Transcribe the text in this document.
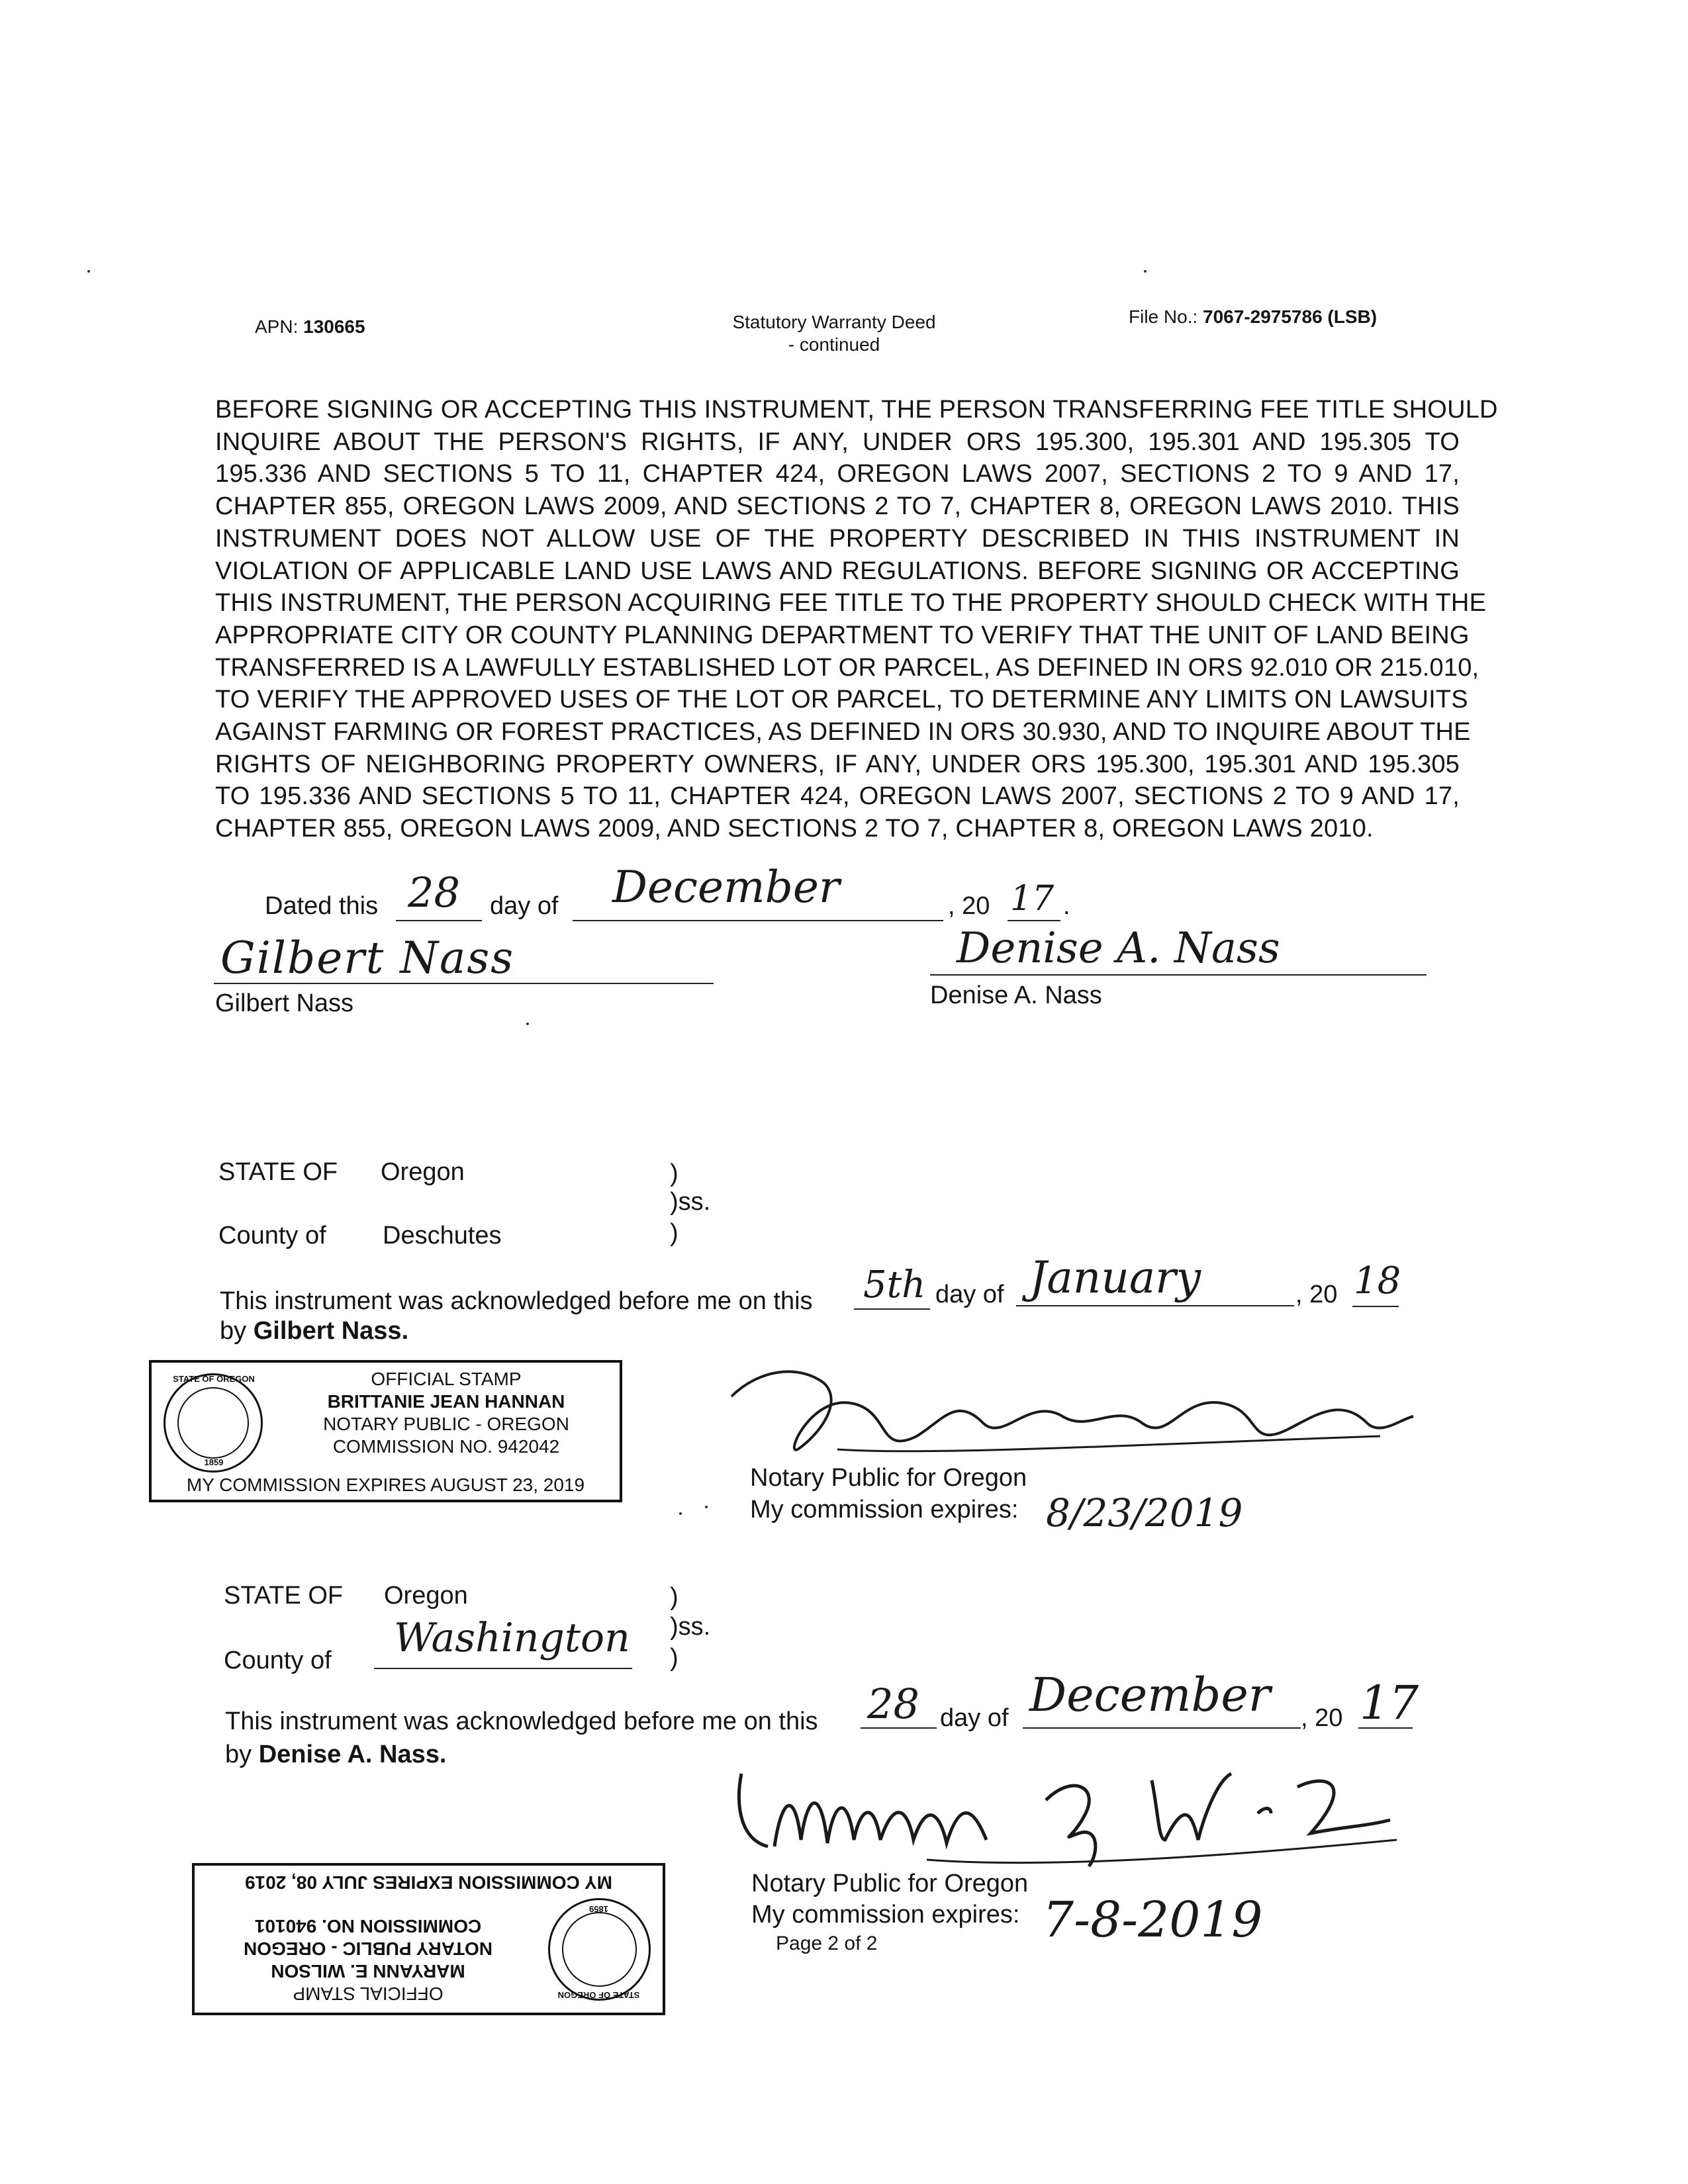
APN: 130665	Statutory Warranty Deed
- continued
File No.: 7067-2975786 (LSB)
BEFORE SIGNING OR ACCEPTING THIS INSTRUMENT, THE PERSON TRANSFERRING FEE TITLE SHOULD
INQUIRE ABOUT THE PERSON'S RIGHTS, IF ANY, UNDER ORS 195.300, 195.301 AND 195.305 TO
195.336 AND SECTIONS 5 TO 11, CHAPTER 424, OREGON LAWS 2007, SECTIONS 2 TO 9 AND 17,
CHAPTER 855, OREGON LAWS 2009, AND SECTIONS 2 TO 7, CHAPTER 8, OREGON LAWS 2010. THIS
INSTRUMENT DOES NOT ALLOW USE OF THE PROPERTY DESCRIBED IN THIS INSTRUMENT IN
VIOLATION OF APPLICABLE LAND USE LAWS AND REGULATIONS. BEFORE SIGNING OR ACCEPTING
THIS INSTRUMENT, THE PERSON ACQUIRING FEE TITLE TO THE PROPERTY SHOULD CHECK WITH THE
APPROPRIATE CITY OR COUNTY PLANNING DEPARTMENT TO VERIFY THAT THE UNIT OF LAND BEING
TRANSFERRED IS A LAWFULLY ESTABLISHED LOT OR PARCEL, AS DEFINED IN ORS 92.010 OR 215.010,
TO VERIFY THE APPROVED USES OF THE LOT OR PARCEL, TO DETERMINE ANY LIMITS ON LAWSUITS
AGAINST FARMING OR FOREST PRACTICES, AS DEFINED IN ORS 30.930, AND TO INQUIRE ABOUT THE
RIGHTS OF NEIGHBORING PROPERTY OWNERS, IF ANY, UNDER ORS 195.300, 195.301 AND 195.305
TO 195.336 AND SECTIONS 5 TO 11, CHAPTER 424, OREGON LAWS 2007, SECTIONS 2 TO 9 AND 17,
CHAPTER 855, OREGON LAWS 2009, AND SECTIONS 2 TO 7, CHAPTER 8, OREGON LAWS 2010.
Dated this 28 day of December	, 20 17 .
Gilbert Nass
Gilbert Nass
Denise A. Nass
Denise A. Nass
STATE OF Oregon	)
)ss.
)
County of Deschutes
This instrument was acknowledged before me on this 5th day of January	, 20 18
by Gilbert Nass.
STATE OF OREGON
1859
OFFICIAL STAMP
BRITTANIE JEAN HANNAN
NOTARY PUBLIC - OREGON
COMMISSION NO. 942042
MY COMMISSION EXPIRES AUGUST 23, 2019	Notary Public for Oregon
My commission expires: 8/23/2019
STATE OF Oregon	)
)ss.
)
County of Washington
This instrument was acknowledged before me on this 28 day of December , 20 17
by Denise A. Nass.
Notary Public for Oregon
My commission expires: 7-8-2019
Page 2 of 2
STATE OF OREGON
1859
OFFICIAL STAMP
MARYANN E. WILSON
NOTARY PUBLIC - OREGON
COMMISSION NO. 940101
MY COMMISSION EXPIRES JULY 08, 2019
